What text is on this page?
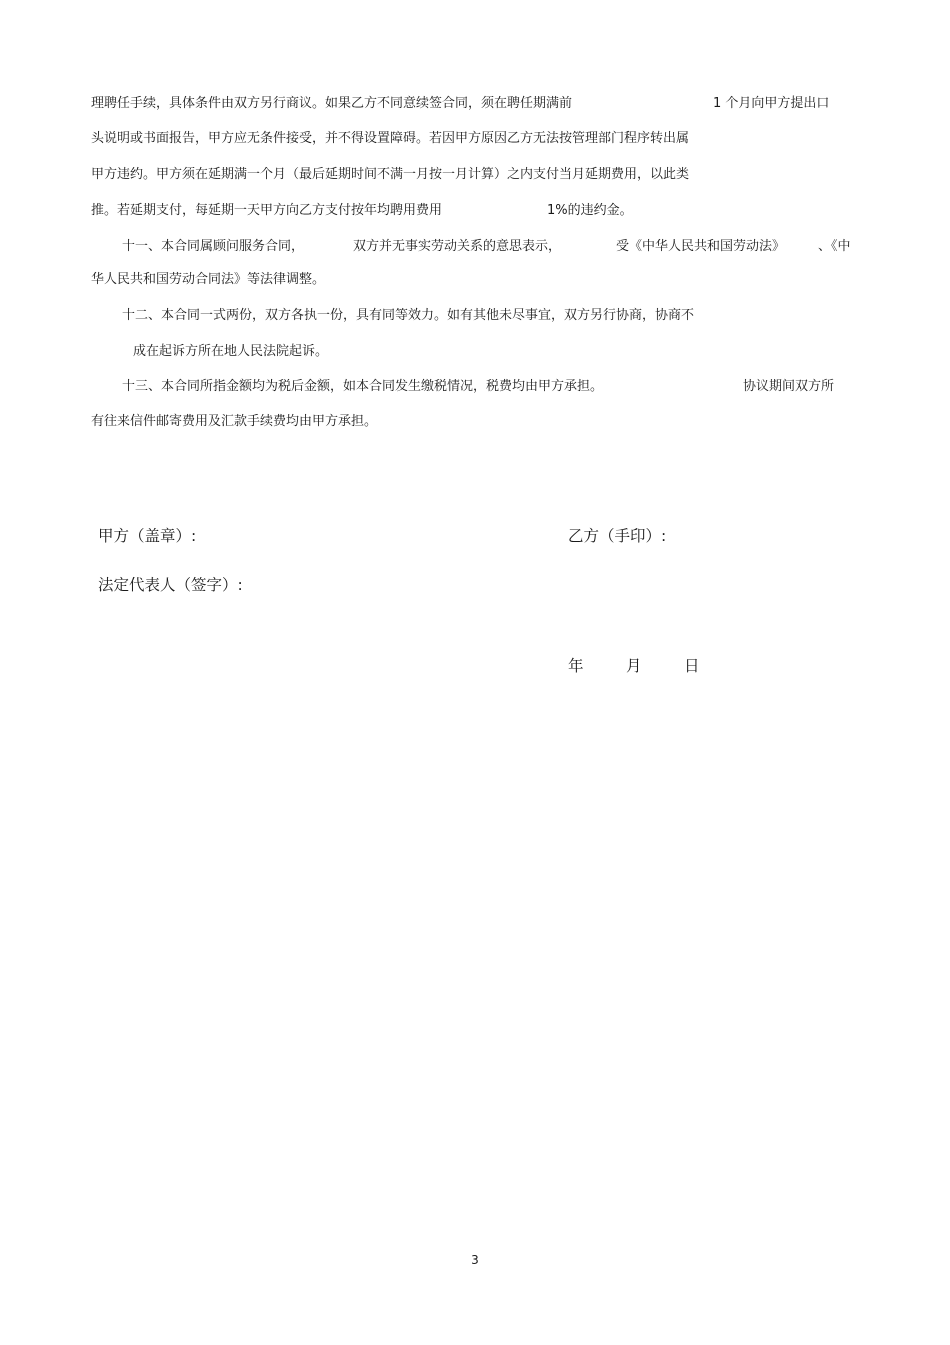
理聘任手续，具体条件由双方另行商议。如果乙方不同意续签合同，须在聘任期满前	1 个月向甲方提出口
头说明或书面报告，甲方应无条件接受，并不得设置障碍。若因甲方原因乙方无法按管理部门程序转出属
甲方违约。甲方须在延期满一个月（最后延期时间不满一月按一月计算）之内支付当月延期费用，以此类
推。若延期支付，每延期一天甲方向乙方支付按年均聘用费用	1%的违约金。
十一、本合同属顾问服务合同，	双方并无事实劳动关系的意思表示，	受《中华人民共和国劳动法》	、《中
华人民共和国劳动合同法》等法律调整。
十二、本合同一式两份，双方各执一份，具有同等效力。如有其他未尽事宜，双方另行协商，协商不
成在起诉方所在地人民法院起诉。
十三、本合同所指金额均为税后金额，如本合同发生缴税情况，税费均由甲方承担。	协议期间双方所
有往来信件邮寄费用及汇款手续费均由甲方承担。
甲方（盖章）:	乙方（手印）:
法定代表人（签字）:
年	月	日
3
